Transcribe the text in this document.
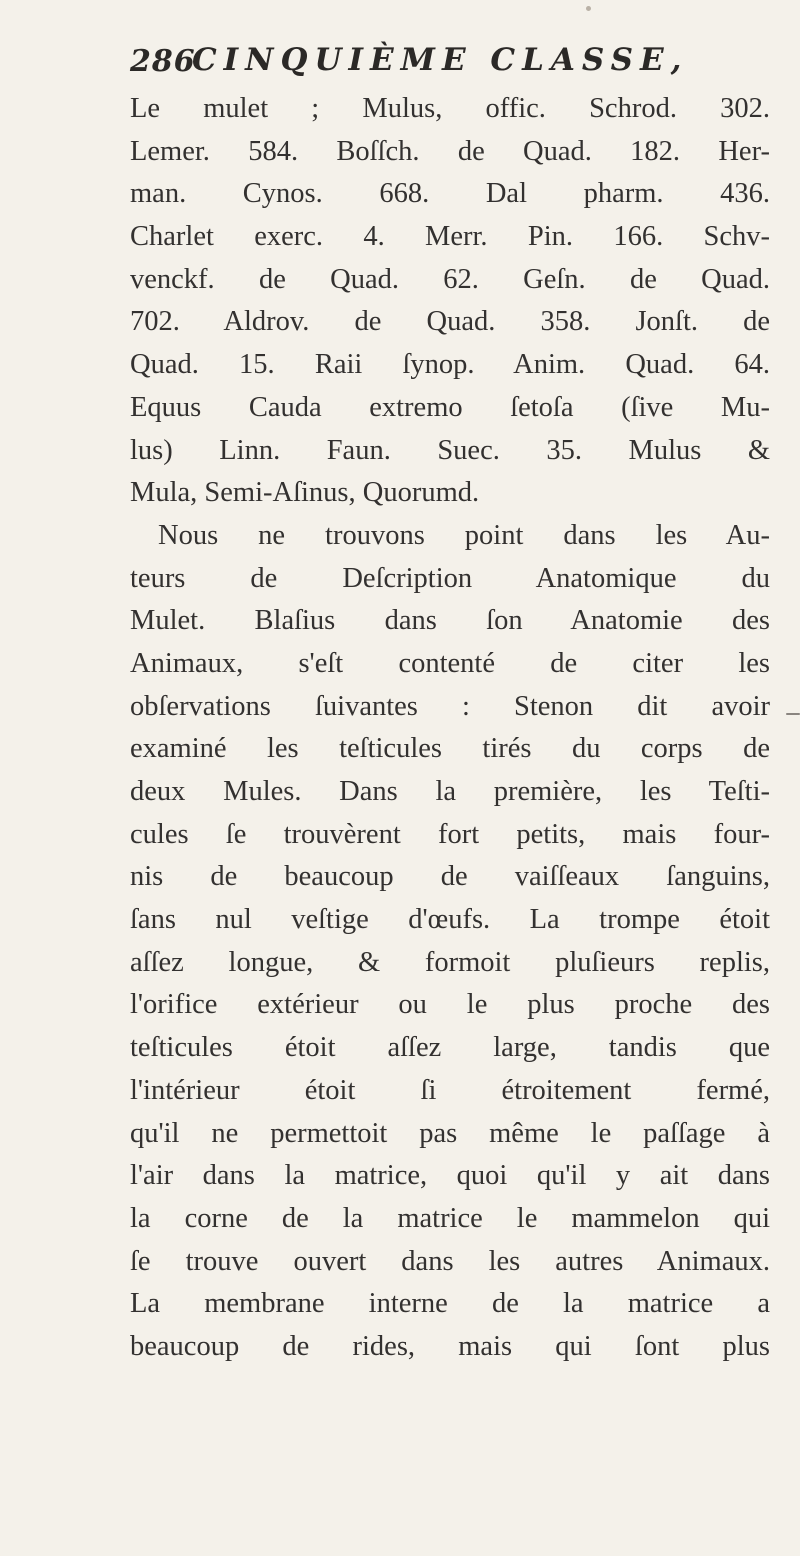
286
CINQUIÈME CLASSE,
Le mulet ; Mulus, offic. Schrod. 302.
Lemer. 584. Boſſch. de Quad. 182. Her-
man. Cynos. 668. Dal pharm. 436.
Charlet exerc. 4. Merr. Pin. 166. Schv-
venckf. de Quad. 62. Geſn. de Quad.
702. Aldrov. de Quad. 358. Jonſt. de
Quad. 15. Raii ſynop. Anim. Quad. 64.
Equus Cauda extremo ſetoſa (ſive Mu-
lus) Linn. Faun. Suec. 35. Mulus &
Mula, Semi-Aſinus, Quorumd.
Nous ne trouvons point dans les Au-
teurs de Deſcription Anatomique du
Mulet. Blaſius dans ſon Anatomie des
Animaux, s'eſt contenté de citer les
obſervations ſuivantes : Stenon dit avoir
examiné les teſticules tirés du corps de
deux Mules. Dans la première, les Teſti-
cules ſe trouvèrent fort petits, mais four-
nis de beaucoup de vaiſſeaux ſanguins,
ſans nul veſtige d'œufs. La trompe étoit
aſſez longue, & formoit pluſieurs replis,
l'orifice extérieur ou le plus proche des
teſticules étoit aſſez large, tandis que
l'intérieur étoit ſi étroitement fermé,
qu'il ne permettoit pas même le paſſage à
l'air dans la matrice, quoi qu'il y ait dans
la corne de la matrice le mammelon qui
ſe trouve ouvert dans les autres Animaux.
La membrane interne de la matrice a
beaucoup de rides, mais qui ſont plus
